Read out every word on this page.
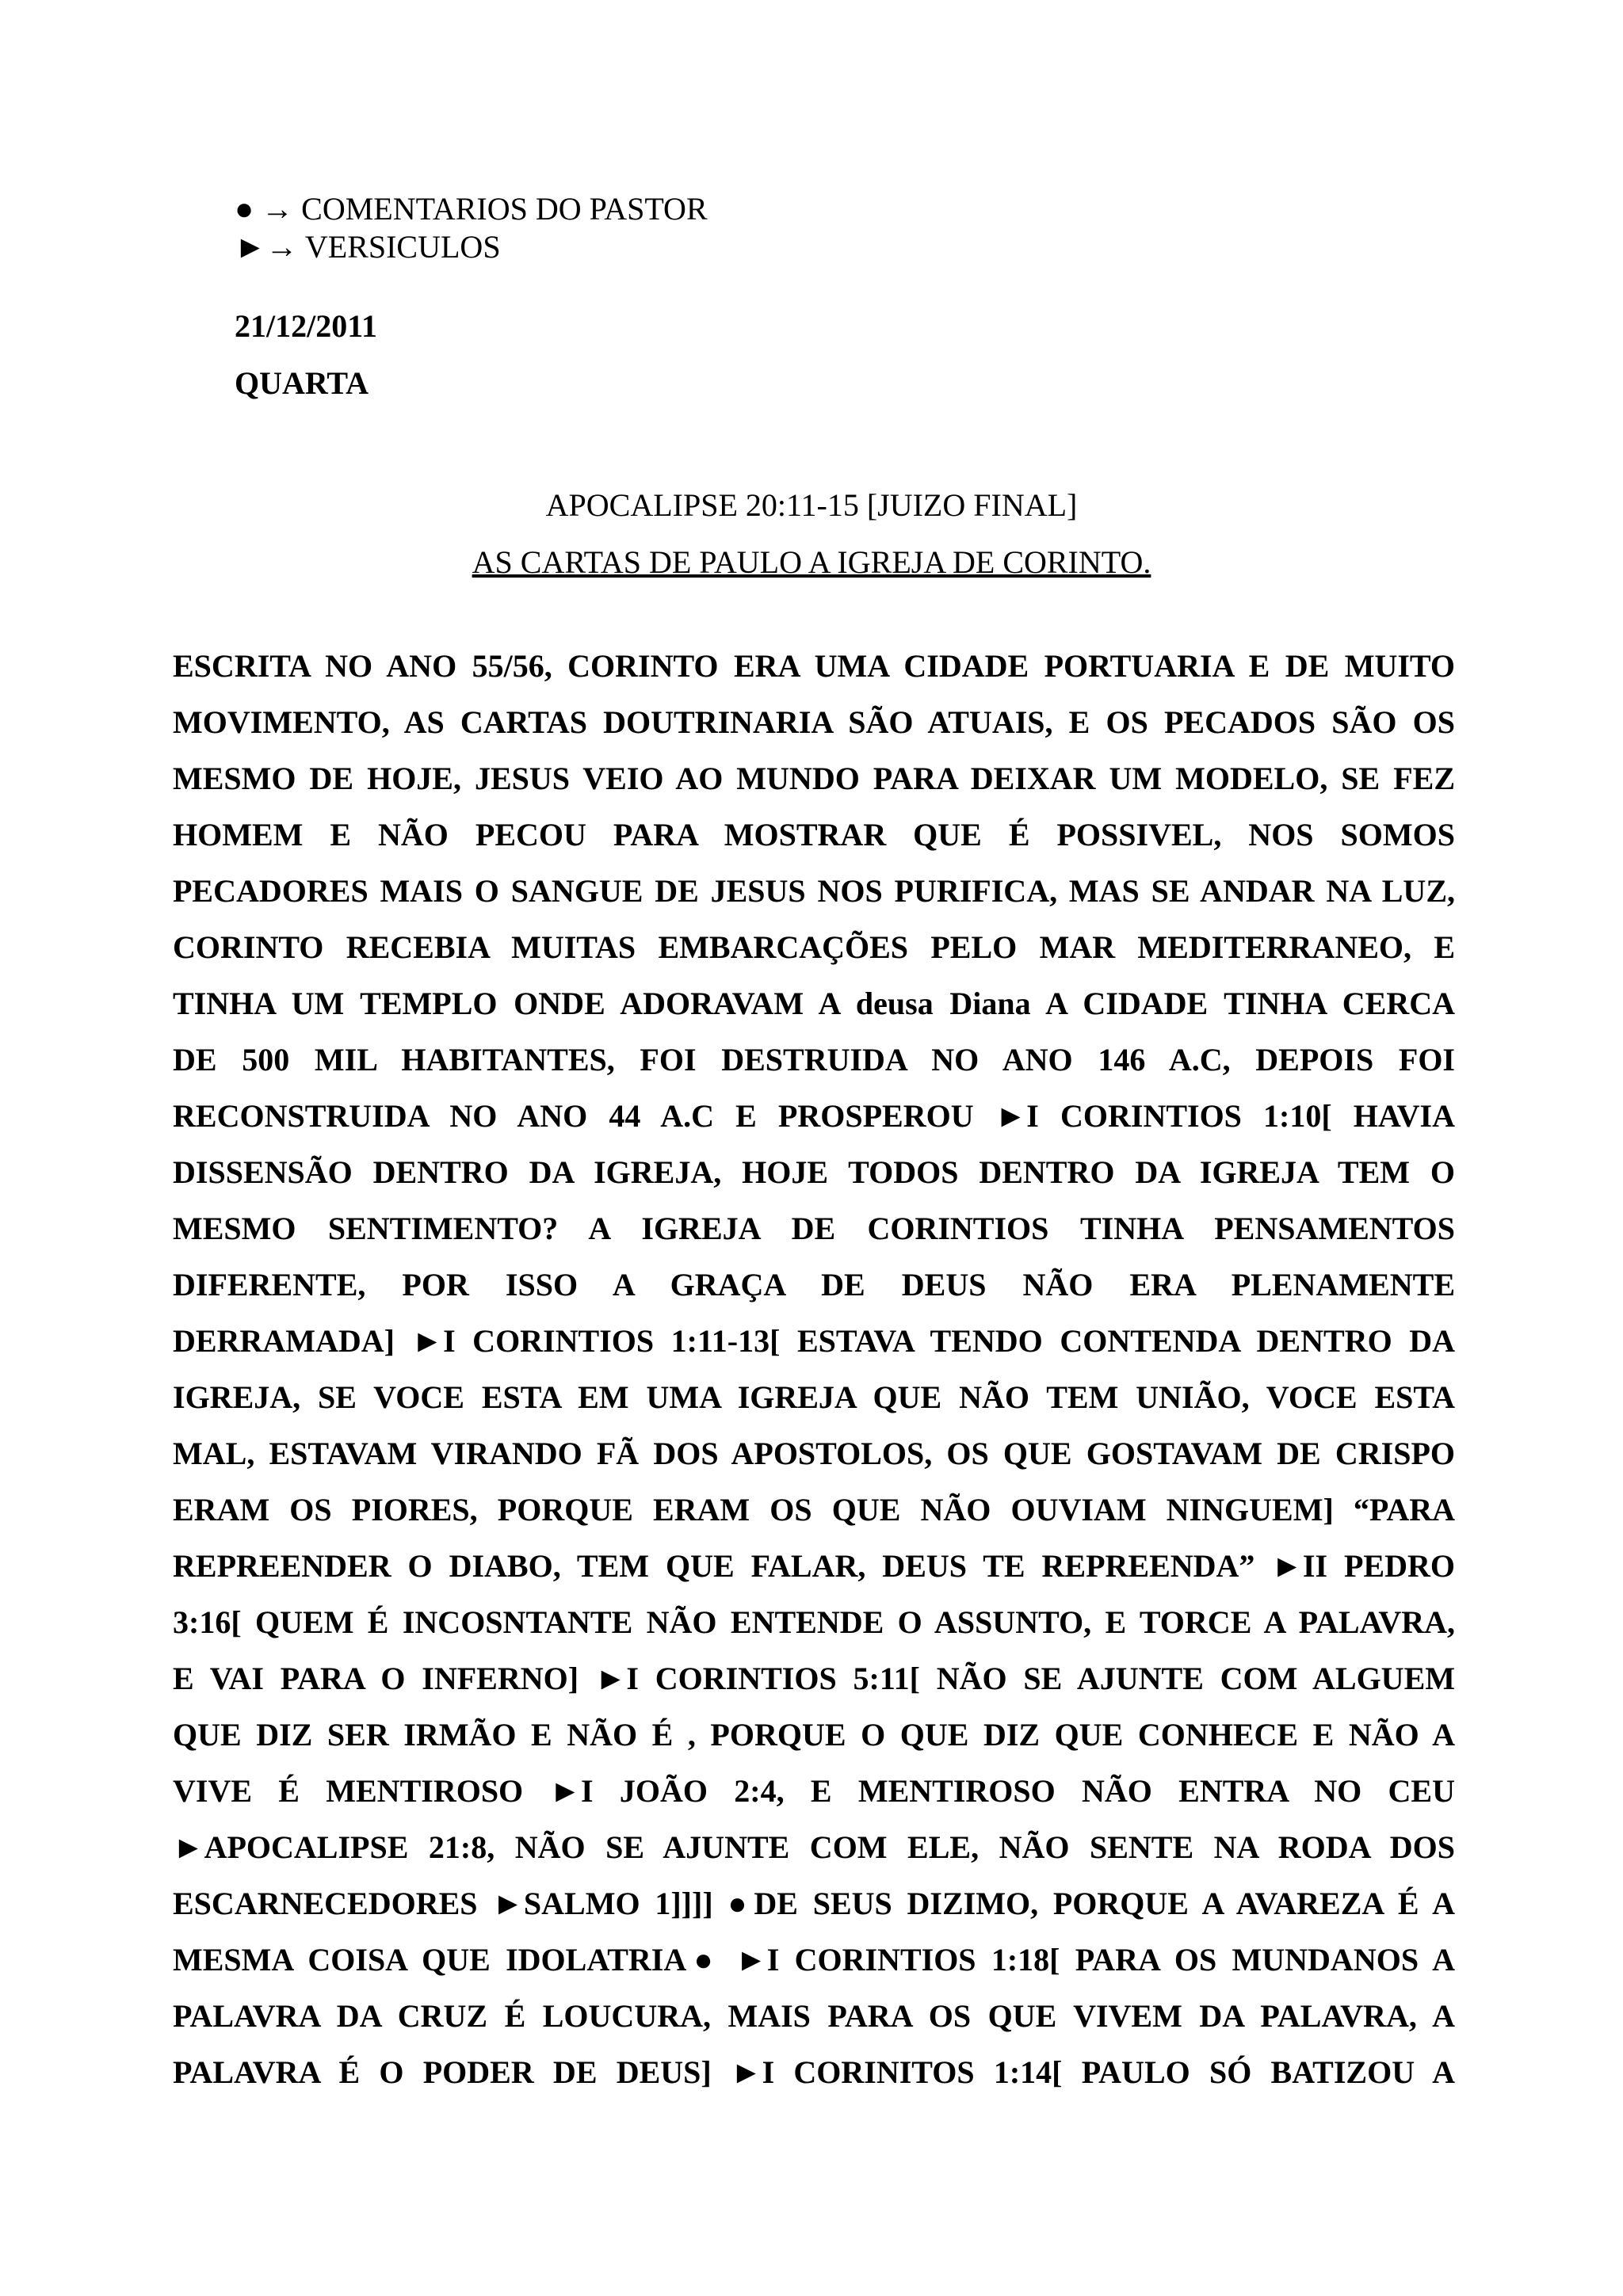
● → COMENTARIOS DO PASTOR
►→ VERSICULOS
21/12/2011
QUARTA
APOCALIPSE 20:11-15 [JUIZO FINAL]
AS CARTAS DE PAULO A IGREJA DE CORINTO.
ESCRITA NO ANO 55/56, CORINTO ERA UMA CIDADE PORTUARIA E DE MUITO
MOVIMENTO, AS CARTAS DOUTRINARIA SÃO ATUAIS, E OS PECADOS SÃO OS
MESMO DE HOJE, JESUS VEIO AO MUNDO PARA DEIXAR UM MODELO, SE FEZ
HOMEM E NÃO PECOU PARA MOSTRAR QUE É POSSIVEL, NOS SOMOS
PECADORES MAIS O SANGUE DE JESUS NOS PURIFICA, MAS SE ANDAR NA LUZ,
CORINTO RECEBIA MUITAS EMBARCAÇÕES PELO MAR MEDITERRANEO, E
TINHA UM TEMPLO ONDE ADORAVAM A deusa Diana A CIDADE TINHA CERCA
DE 500 MIL HABITANTES, FOI DESTRUIDA NO ANO 146 A.C, DEPOIS FOI
RECONSTRUIDA NO ANO 44 A.C E PROSPEROU ►I CORINTIOS 1:10[ HAVIA
DISSENSÃO DENTRO DA IGREJA, HOJE TODOS DENTRO DA IGREJA TEM O
MESMO SENTIMENTO? A IGREJA DE CORINTIOS TINHA PENSAMENTOS
DIFERENTE, POR ISSO A GRAÇA DE DEUS NÃO ERA PLENAMENTE
DERRAMADA] ►I CORINTIOS 1:11-13[ ESTAVA TENDO CONTENDA DENTRO DA
IGREJA, SE VOCE ESTA EM UMA IGREJA QUE NÃO TEM UNIÃO, VOCE ESTA
MAL, ESTAVAM VIRANDO FÃ DOS APOSTOLOS, OS QUE GOSTAVAM DE CRISPO
ERAM OS PIORES, PORQUE ERAM OS QUE NÃO OUVIAM NINGUEM] “PARA
REPREENDER O DIABO, TEM QUE FALAR, DEUS TE REPREENDA” ►II PEDRO
3:16[ QUEM É INCOSNTANTE NÃO ENTENDE O ASSUNTO, E TORCE A PALAVRA,
E VAI PARA O INFERNO] ►I CORINTIOS 5:11[ NÃO SE AJUNTE COM ALGUEM
QUE DIZ SER IRMÃO E NÃO É , PORQUE O QUE DIZ QUE CONHECE E NÃO A
VIVE É MENTIROSO ►I JOÃO 2:4, E MENTIROSO NÃO ENTRA NO CEU
►APOCALIPSE 21:8, NÃO SE AJUNTE COM ELE, NÃO SENTE NA RODA DOS
ESCARNECEDORES ►SALMO 1]]]] ●DE SEUS DIZIMO, PORQUE A AVAREZA É A
MESMA COISA QUE IDOLATRIA● ►I CORINTIOS 1:18[ PARA OS MUNDANOS A
PALAVRA DA CRUZ É LOUCURA, MAIS PARA OS QUE VIVEM DA PALAVRA, A
PALAVRA É O PODER DE DEUS] ►I CORINITOS 1:14[ PAULO SÓ BATIZOU A
